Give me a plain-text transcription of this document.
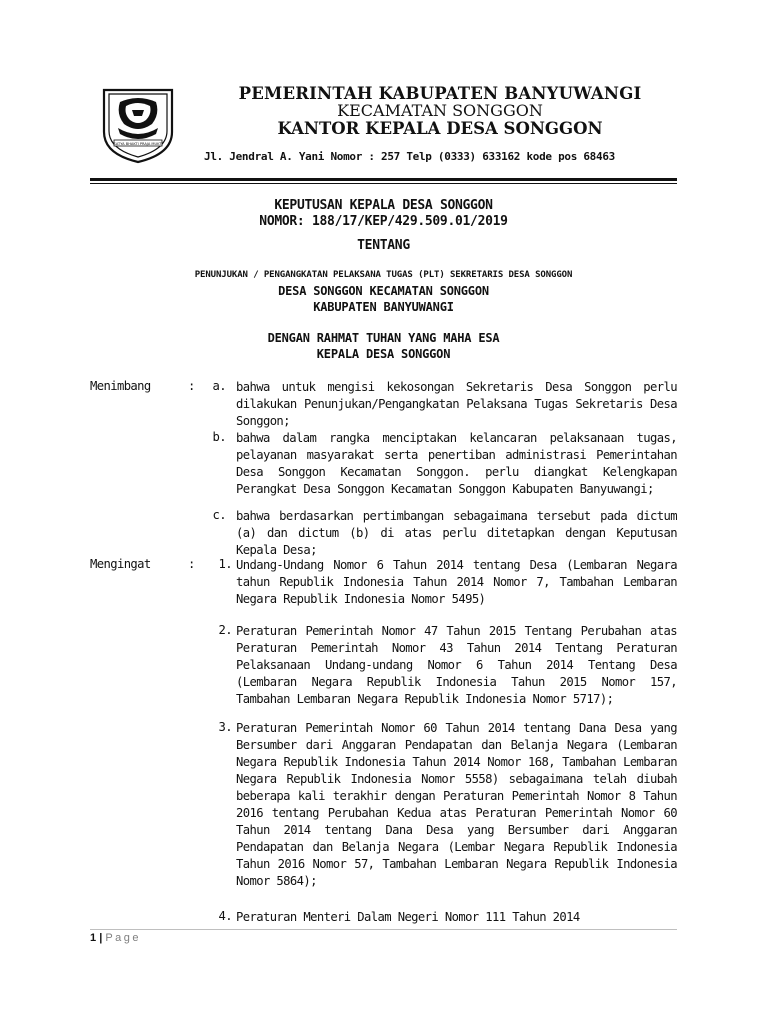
SATYA BHAKTI PRAJA MUKTI
PEMERINTAH KABUPATEN BANYUWANGI
KECAMATAN SONGGON
KANTOR KEPALA DESA SONGGON
Jl. Jendral A. Yani Nomor : 257 Telp (0333) 633162 kode pos 68463
KEPUTUSAN KEPALA DESA SONGGON
NOMOR: 188/17/KEP/429.509.01/2019
TENTANG
PENUNJUKAN / PENGANGKATAN PELAKSANA TUGAS (PLT) SEKRETARIS DESA SONGGON
DESA SONGGON KECAMATAN SONGGON
KABUPATEN BANYUWANGI
DENGAN RAHMAT TUHAN YANG MAHA ESA
KEPALA DESA SONGGON
Menimbang	:	a. bahwa untuk mengisi kekosongan Sekretaris Desa Songgon perlu dilakukan Penunjukan/Pengangkatan Pelaksana Tugas Sekretaris Desa Songgon;
b. bahwa dalam rangka menciptakan kelancaran pelaksanaan tugas, pelayanan masyarakat serta penertiban administrasi Pemerintahan Desa Songgon Kecamatan Songgon. perlu diangkat Kelengkapan Perangkat Desa Songgon Kecamatan Songgon Kabupaten Banyuwangi;
c. bahwa berdasarkan pertimbangan sebagaimana tersebut pada dictum (a) dan dictum (b) di atas perlu ditetapkan dengan Keputusan Kepala Desa;
Mengingat	:	1. Undang-Undang Nomor 6 Tahun 2014 tentang Desa (Lembaran Negara tahun Republik Indonesia Tahun 2014 Nomor 7, Tambahan Lembaran Negara Republik Indonesia Nomor 5495)
2. Peraturan Pemerintah Nomor 47 Tahun 2015 Tentang Perubahan atas Peraturan Pemerintah Nomor 43 Tahun 2014 Tentang Peraturan Pelaksanaan Undang-undang Nomor 6 Tahun 2014 Tentang Desa (Lembaran Negara Republik Indonesia Tahun 2015 Nomor 157, Tambahan Lembaran Negara Republik Indonesia Nomor 5717);
3. Peraturan Pemerintah Nomor 60 Tahun 2014 tentang Dana Desa yang Bersumber dari Anggaran Pendapatan dan Belanja Negara (Lembaran Negara Republik Indonesia Tahun 2014 Nomor 168, Tambahan Lembaran Negara Republik Indonesia Nomor 5558) sebagaimana telah diubah beberapa kali terakhir dengan Peraturan Pemerintah Nomor 8 Tahun 2016 tentang Perubahan Kedua atas Peraturan Pemerintah Nomor 60 Tahun 2014 tentang Dana Desa yang Bersumber dari Anggaran Pendapatan dan Belanja Negara (Lembar Negara Republik Indonesia Tahun 2016 Nomor 57, Tambahan Lembaran Negara Republik Indonesia Nomor 5864);
4. Peraturan Menteri Dalam Negeri Nomor 111 Tahun 2014
1 | Page
